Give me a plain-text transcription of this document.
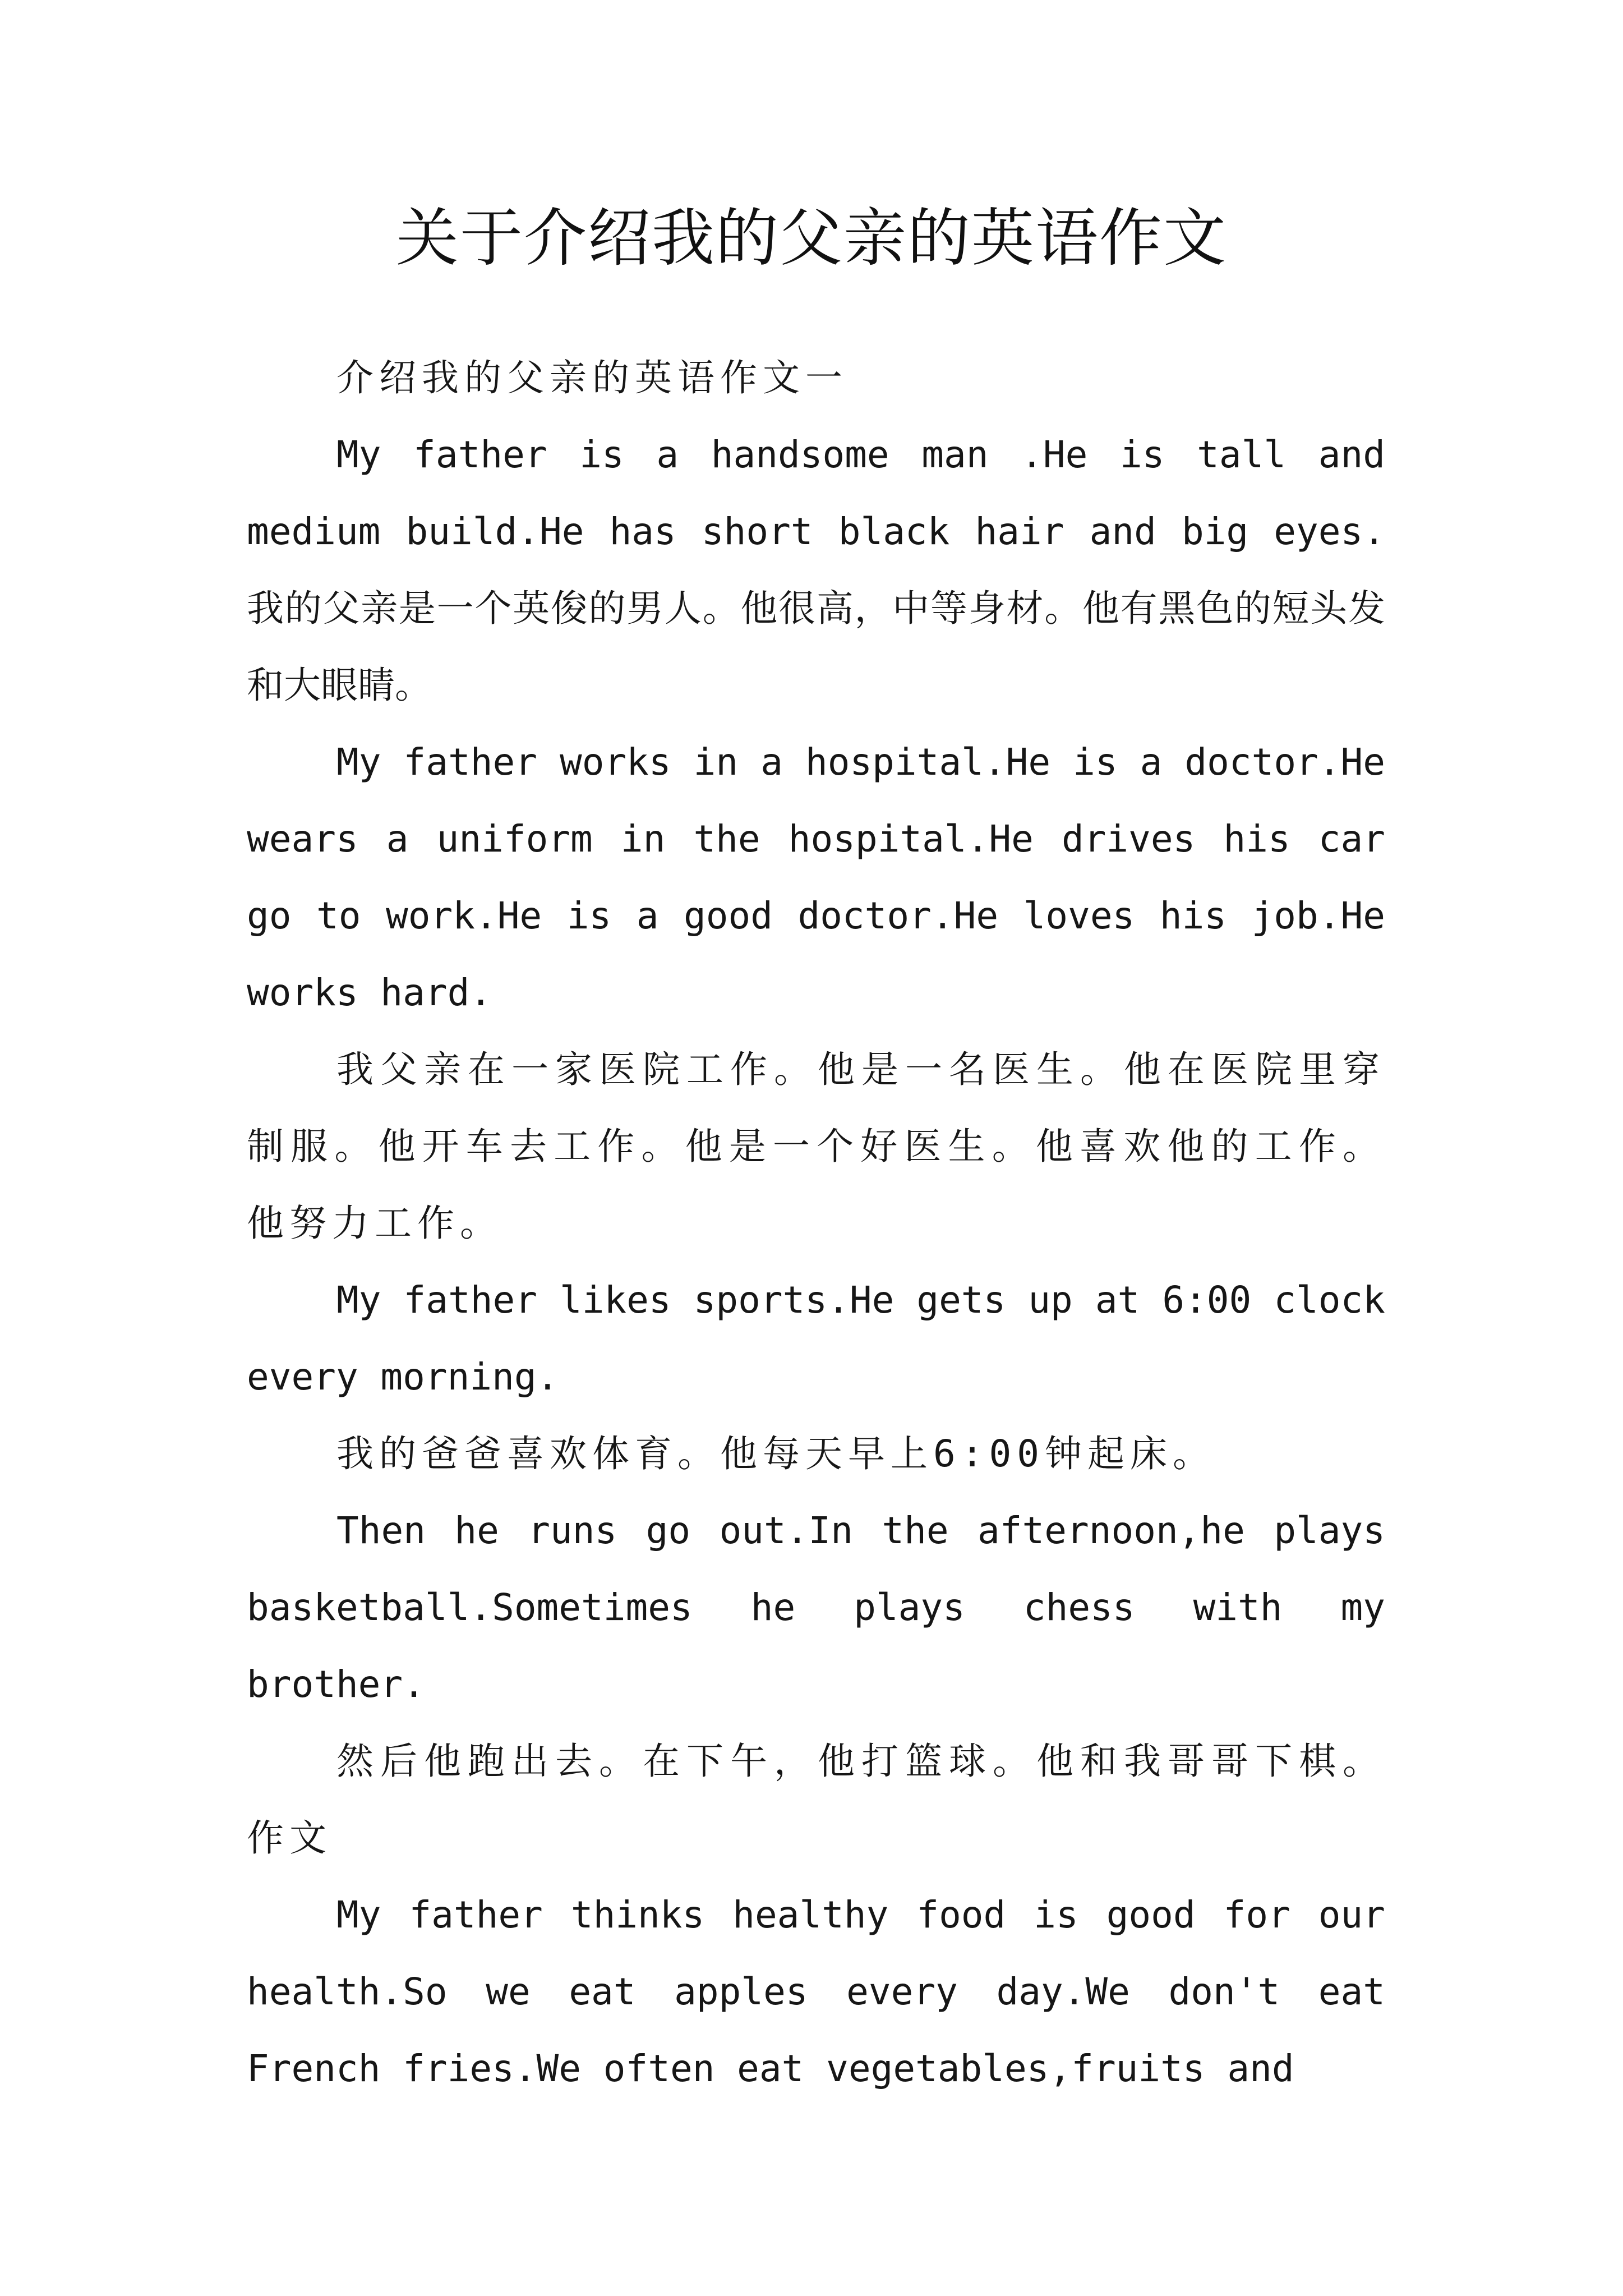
关于介绍我的父亲的英语作文

介绍我的父亲的英语作文一

My father is a handsome man .He is tall and medium build.He has short black hair and big eyes.我的父亲是一个英俊的男人。他很高，中等身材。他有黑色的短头发和大眼睛。

My father works in a hospital.He is a doctor.He wears a uniform in the hospital.He drives his car go to work.He is a good doctor.He loves his job.He works hard.

我父亲在一家医院工作。他是一名医生。他在医院里穿制服。他开车去工作。他是一个好医生。他喜欢他的工作。他努力工作。

My father likes sports.He gets up at 6:00 clock every morning.

我的爸爸喜欢体育。他每天早上6:00钟起床。

Then he runs go out.In the afternoon,he plays basketball.Sometimes he plays chess with my brother.

然后他跑出去。在下午，他打篮球。他和我哥哥下棋。作文

My father thinks healthy food is good for our health.So we eat apples every day.We don't eat French fries.We often eat vegetables,fruits and
